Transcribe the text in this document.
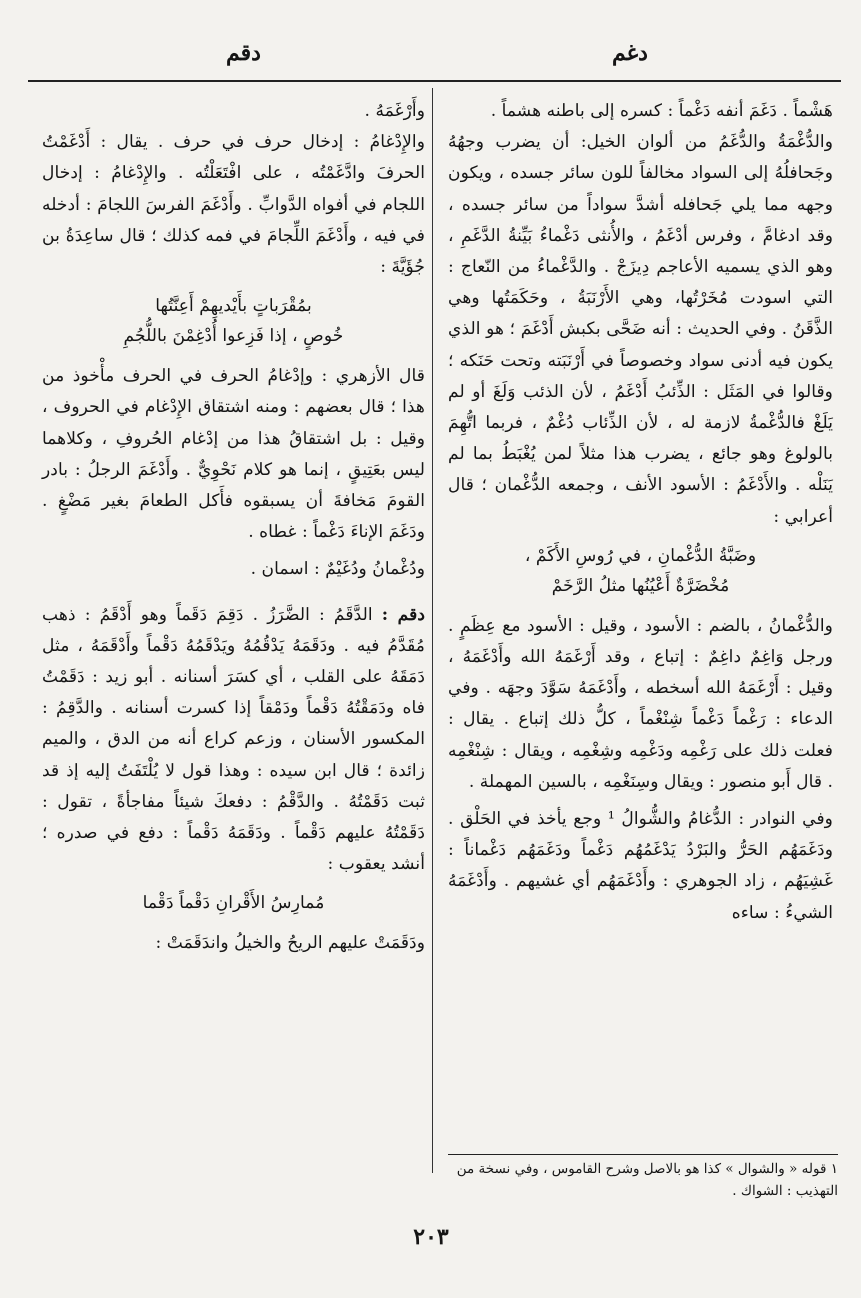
دغم
دقم

هَشْماً . دَغَمَ أنفه دَغْماً : كسره إلى باطنه هشماً .

والدُّغْمَةُ والدُّغَمُ من ألوان الخيل: أن يضرب وجهُهُ وجَحافلُهُ إلى السواد مخالفاً للون سائر جسده ، ويكون وجهه مما يلي جَحافله أشدَّ سواداً من سائر جسده ، وقد ادغامَّ ، وفرس أدْغَمُ ، والأُنثى دَغْماءُ بَيِّنةُ الدَّغَمِ ، وهو الذي يسميه الأعاجم دِيزَجْ . والدَّغْماءُ من النّعاج : التي اسودت مُخَرْتُها، وهي الأَرْنَبَةُ ، وحَكَمَتُها وهي الذَّقَنُ . وفي الحديث : أنه ضَحَّى بكبش أَدْغَمَ ؛ هو الذي يكون فيه أدنى سواد وخصوصاً في أَرْنَبَته وتحت حَنَكه ؛ وقالوا في المَثَل : الذِّئبُ أَدْغَمُ ، لأن الذئب وَلَغَ أو لم يَلَغْ فالدُّغْمةُ لازمة له ، لأن الذِّئاب دُغْمٌ ، فربما اتُّهِمَ بالولوغ وهو جائع ، يضرب هذا مثلاً لمن يُغْبَطُ بما لم يَنَلْه . والأَدْغَمُ : الأسود الأنف ، وجمعه الدُّغْمان ؛ قال أعرابي :

وضَبَّةُ الدُّغْمانِ ، في رُوسِ الأَكَمْ ،
مُخْضَرَّةٌ أَعْيُنُها مثلُ الرَّخَمْ

والدُّغْمانُ ، بالضم : الأسود ، وقيل : الأسود مع عِظَمٍ . ورجل وَاغِمٌ داغِمٌ : إتباع ، وقد أَرْغَمَهُ الله وأَدْغَمَهُ ، وقيل : أَرْغَمَهُ الله أسخطه ، وأَدْغَمَهُ سَوَّدَ وجهَه . وفي الدعاء : رَغْماً دَغْماً شِنْغْماً ، كلُّ ذلك إتباع . يقال : فعلت ذلك على رَغْمِه ودَغْمِه وشِغْمِه ، ويقال : شِنْغْمِه . قال أَبو منصور : ويقال وسِنَغْمِه ، بالسين المهملة .

وفي النوادر : الدُّغامُ والشُّوالُ ¹ وجع يأخذ في الحَلْق . ودَغَمَهُم الحَرُّ والبَرْدُ يَدْغَمُهُم دَغْماً ودَغَمَهُم دَغْماناً : غَشِيَهُم ، زاد الجوهري : وأَدْغَمَهُم أي غشيهم . وأَدْغَمَهُ الشيءُ : ساءه

١ قوله « والشوال » كذا هو بالاصل وشرح القاموس ، وفي نسخة من التهذيب : الشواك .

وأَرْغَمَهُ .

والإِدْغامُ : إدخال حرف في حرف . يقال : أَدْغَمْتُ الحرفَ وادَّغَمْتُه ، على افْتَعَلْتُه . والإِدْغامُ : إدخال اللجام في أفواه الدَّوابِّ . وأَدْغَمَ الفرسَ اللجامَ : أدخله في فيه ، وأَدْغَمَ اللِّجامَ في فمه كذلك ؛ قال ساعِدَةُ بن جُؤَيَّةَ :

بمُقْرَباتٍ بأَيْديهِمْ أَعِنَّتُها
خُوصٍ ، إذا فَزِعوا أُدْغِمْنَ باللُّجُمِ

قال الأزهري : وإدْغامُ الحرف في الحرف مأْخوذ من هذا ؛ قال بعضهم : ومنه اشتقاق الإِدْغام في الحروف ، وقيل : بل اشتقاقُ هذا من إدْغام الحُروفِ ، وكلاهما ليس بعَتِيقٍ ، إنما هو كلام نَحْوِيٌّ . وأَدْغَمَ الرجلُ : بادر القومَ مَخافةَ أن يسبقوه فأَكل الطعامَ بغير مَضْغٍ . ودَغَمَ الإناءَ دَغْماً : غطاه .

ودُغْمانُ ودُغَيْمٌ : اسمان .

دقم : الدَّقَمُ : الضَّرَزُ . دَقِمَ دَقَماً وهو أَدْقَمُ : ذهب مُقَدَّمُ فيه . ودَقَمَهُ يَدْقُمُهُ ويَدْقَمُهُ دَقْماً وأَدْقَمَهُ ، مثل دَمَقَهُ على القلب ، أي كسَرَ أسنانه . أبو زيد : دَقَمْتُ فاه ودَمَقْتُهُ دَقْماً ودَمْقاً إذا كسرت أسنانه . والدَّقِمُ : المكسور الأسنان ، وزعم كراع أنه من الدق ، والميم زائدة ؛ قال ابن سيده : وهذا قول لا يُلْتَفَتُ إليه إذ قد ثبت دَقَمْتُهُ . والدَّقْمُ : دفعكَ شيئاً مفاجأةً ، تقول : دَقَمْتُهُ عليهم دَقْماً . ودَقَمَهُ دَقْماً : دفع في صدره ؛ أنشد يعقوب :

مُمارِسُ الأَقْرانِ دَقْماً دَقْما

ودَقَمَتْ عليهم الريحُ والخيلُ واندَقَمَتْ :

٢٠٣
